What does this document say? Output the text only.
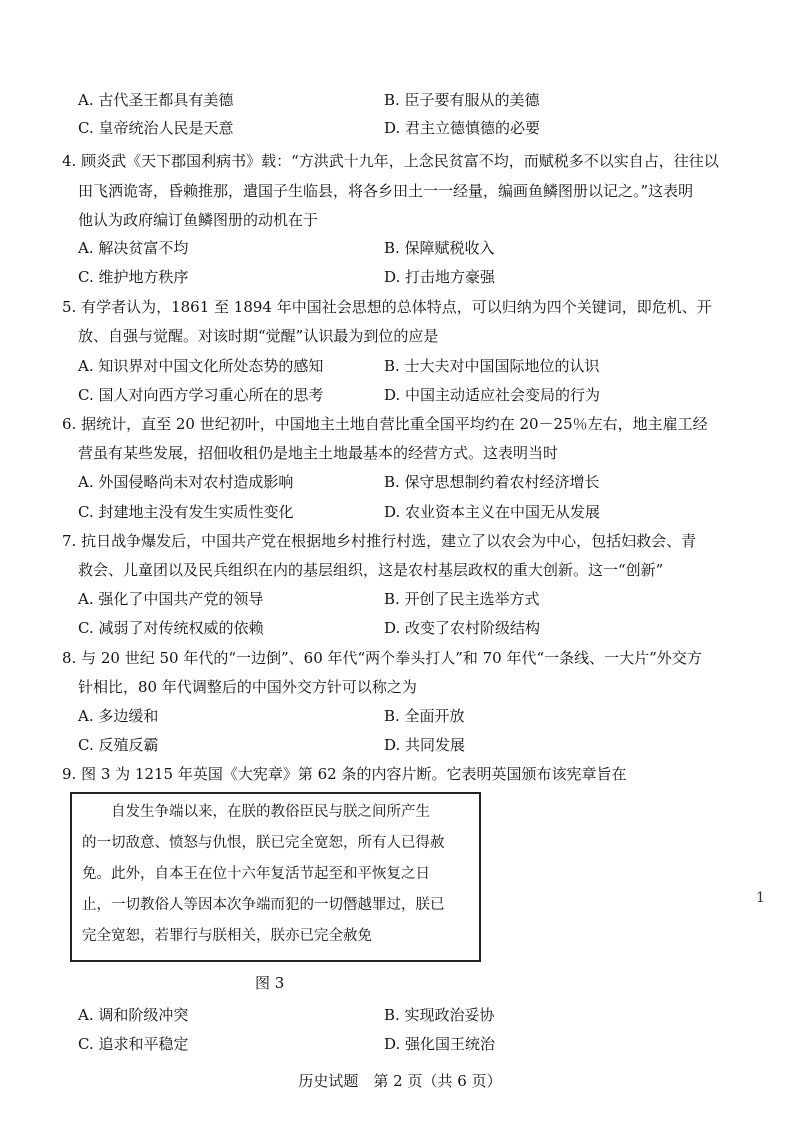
A. 古代圣王都具有美德	B. 臣子要有服从的美德
C. 皇帝统治人民是天意	D. 君主立德慎德的必要
4. 顾炎武《天下郡国利病书》载：“方洪武十九年，上念民贫富不均，而赋税多不以实自占，往往以
田飞洒诡寄，昏赖推那，遣国子生临县，将各乡田土一一经量，编画鱼鳞图册以记之。”这表明
他认为政府编订鱼鳞图册的动机在于
A. 解决贫富不均	B. 保障赋税收入
C. 维护地方秩序	D. 打击地方豪强
5. 有学者认为，1861 至 1894 年中国社会思想的总体特点，可以归纳为四个关键词，即危机、开
放、自强与觉醒。对该时期“觉醒”认识最为到位的应是
A. 知识界对中国文化所处态势的感知	B. 士大夫对中国国际地位的认识
C. 国人对向西方学习重心所在的思考	D. 中国主动适应社会变局的行为
6. 据统计，直至 20 世纪初叶，中国地主土地自营比重全国平均约在 20－25％左右，地主雇工经
营虽有某些发展，招佃收租仍是地主土地最基本的经营方式。这表明当时
A. 外国侵略尚未对农村造成影响	B. 保守思想制约着农村经济增长
C. 封建地主没有发生实质性变化	D. 农业资本主义在中国无从发展
7. 抗日战争爆发后，中国共产党在根据地乡村推行村选，建立了以农会为中心，包括妇救会、青
救会、儿童团以及民兵组织在内的基层组织，这是农村基层政权的重大创新。这一“创新”
A. 强化了中国共产党的领导	B. 开创了民主选举方式
C. 减弱了对传统权威的依赖	D. 改变了农村阶级结构
8. 与 20 世纪 50 年代的“一边倒”、60 年代“两个拳头打人”和 70 年代“一条线、一大片”外交方
针相比，80 年代调整后的中国外交方针可以称之为
A. 多边缓和	B. 全面开放
C. 反殖反霸	D. 共同发展
9. 图 3 为 1215 年英国《大宪章》第 62 条的内容片断。它表明英国颁布该宪章旨在
　　自发生争端以来，在朕的教俗臣民与朕之间所产生
的一切敌意、愤怒与仇恨，朕已完全宽恕，所有人已得赦
免。此外，自本王在位十六年复活节起至和平恢复之日
止，一切教俗人等因本次争端而犯的一切僭越罪过，朕已
完全宽恕，若罪行与朕相关，朕亦已完全赦免
图 3
A. 调和阶级冲突	B. 实现政治妥协
C. 追求和平稳定	D. 强化国王统治
历史试题　第 2 页（共 6 页）
1
